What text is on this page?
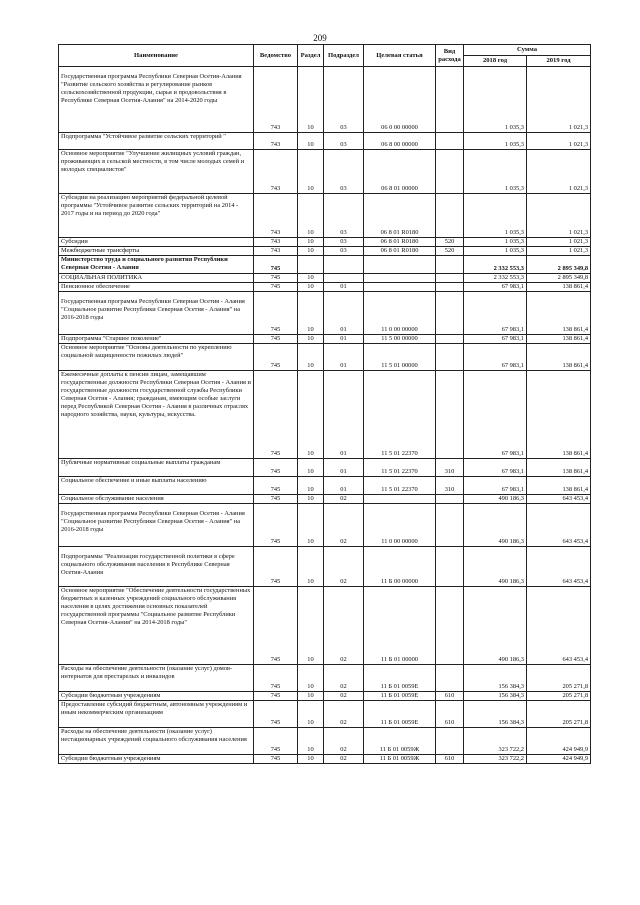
209
Наименование	Ведомство	Раздел	Подраздел	Целевая статья	Вид расхода	Сумма	
						2018 год	2019 год
Государственная программа Республики Северная Осетия-Алания "Развитие сельского хозяйства и регулирование рынков сельскохозяйственной продукции, сырья и продовольствия в Республике Северная Осетия-Алания" на 2014-2020 годы	743	10	03	06 0 00 00000		1 035,3	1 021,3
Подпрограмма "Устойчивое развитие сельских территорий "	743	10	03	06 8 00 00000		1 035,3	1 021,3
Основное мероприятие "Улучшение жилищных условий граждан, проживающих в сельской местности, в том числе молодых семей и молодых специалистов"	743	10	03	06 8 01 00000		1 035,3	1 021,3
Субсидии на реализацию мероприятий федеральной целевой программы "Устойчивое развитие сельских территорий на 2014 - 2017 годы и на период до 2020 года"	743	10	03	06 8 01 R0180		1 035,3	1 021,3
Субсидии	743	10	03	06 8 01 R0180	520	1 035,3	1 021,3
Межбюджетные трансферты	743	10	03	06 8 01 R0180	520	1 035,3	1 021,3
Министерство труда и социального развития Республики Северная Осетия - Алания	745					2 332 553,3	2 895 349,8
СОЦИАЛЬНАЯ ПОЛИТИКА	745	10				2 332 553,3	2 895 349,8
Пенсионное обеспечение	745	10	01			67 983,1	138 861,4
Государственная программа Республики Северная Осетия - Алания "Социальное развитие Республики Северная Осетия - Алания" на 2016-2018 годы	745	10	01	11 0 00 00000		67 983,1	138 861,4
Подпрограмма "Старшее поколение"	745	10	01	11 5 00 00000		67 983,1	138 861,4
Основное мероприятие "Основы деятельности по укреплению социальной защищенности пожилых людей"	745	10	01	11 5 01 00000		67 983,1	138 861,4
Ежемесячные доплаты к пенсии лицам, замещавшим государственные должности Республики Северная Осетия - Алания и государственные должности государственной службы Республики Северная Осетия - Алания; гражданам, имеющим особые заслуги перед Республикой Северная Осетия - Алания в различных отраслях народного хозяйства, науки, культуры, искусства.	745	10	01	11 5 01 22370		67 983,1	138 861,4
Публичные нормативные социальные выплаты гражданам	745	10	01	11 5 01 22370	310	67 983,1	138 861,4
Социальное обеспечение и иные выплаты населению	745	10	01	11 5 01 22370	310	67 983,1	138 861,4
Социальное обслуживание населения	745	10	02			490 186,3	643 453,4
Государственная программа Республики Северная Осетия - Алания "Социальное развитие Республики Северная Осетия - Алания" на 2016-2018 годы	745	10	02	11 0 00 00000		490 186,3	643 453,4
Подпрограммы "Реализация государственной политики в сфере социального обслуживания населения в Республике Северная Осетия-Алания	745	10	02	11 Б 00 00000		490 186,3	643 453,4
Основное мероприятие "Обеспечение деятельности государственных бюджетных и казенных учреждений социального обслуживания населения в целях достижения основных показателей государственной программы "Социальное развитие Республики Северная Осетия-Алания" на 2014-2018 годы"	745	10	02	11 Б 01 00000		490 186,3	643 453,4
Расходы на обеспечение деятельности (оказание услуг) домов-интернатов для престарелых и инвалидов	745	10	02	11 Б 01 0059Е		156 384,3	205 271,8
Субсидии бюджетным учреждениям	745	10	02	11 Б 01 0059Е	610	156 384,3	205 271,8
Предоставление субсидий бюджетным, автономным учреждениям и иным некоммерческим организациям	745	10	02	11 Б 01 0059Е	610	156 384,3	205 271,8
Расходы на обеспечение деятельности (оказание услуг) нестационарных учреждений социального обслуживания населения	745	10	02	11 Б 01 0059Ж		323 722,2	424 949,9
Субсидии бюджетным учреждениям	745	10	02	11 Б 01 0059Ж	610	323 722,2	424 949,9
